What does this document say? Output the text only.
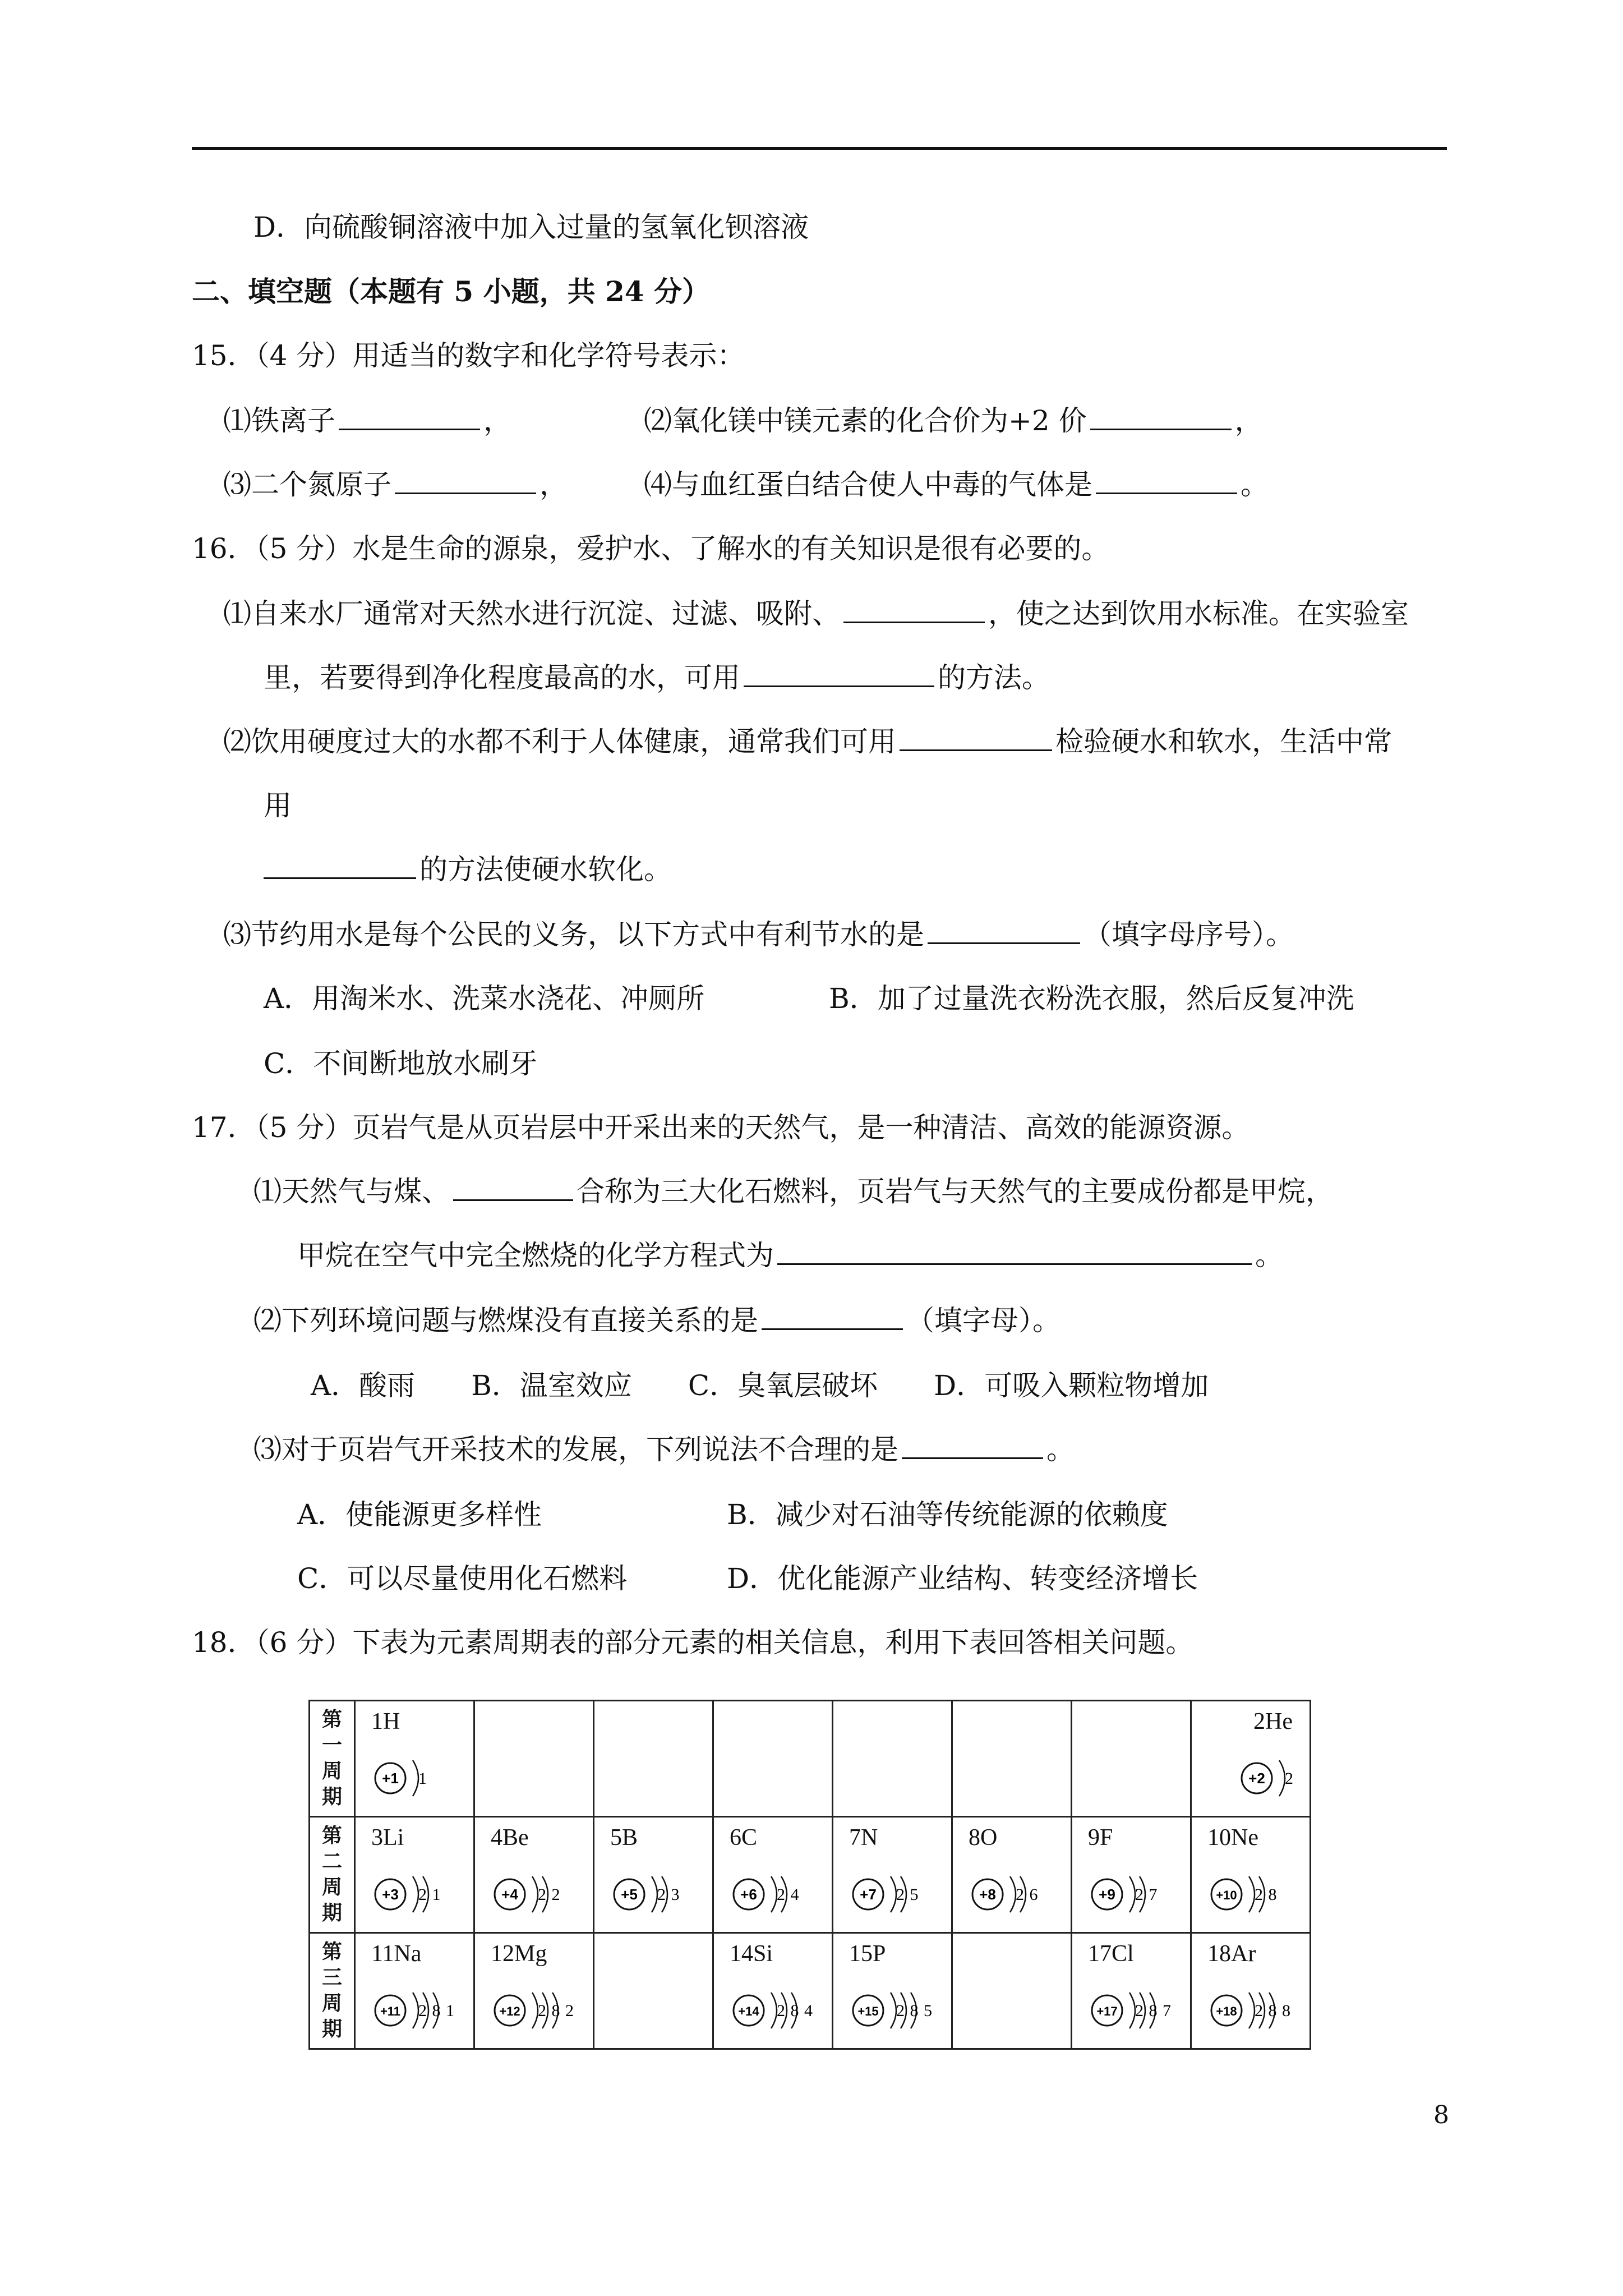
D．向硫酸铜溶液中加入过量的氢氧化钡溶液
二、填空题（本题有 5 小题，共 24 分）
15．（4 分）用适当的数字和化学符号表示：
⑴铁离子	，	⑵氧化镁中镁元素的化合价为+2 价	，
⑶二个氮原子	，	⑷与血红蛋白结合使人中毒的气体是	。
16．（5 分）水是生命的源泉，爱护水、了解水的有关知识是很有必要的。
⑴自来水厂通常对天然水进行沉淀、过滤、吸附、	，使之达到饮用水标准。在实验室
里，若要得到净化程度最高的水，可用	的方法。
⑵饮用硬度过大的水都不利于人体健康，通常我们可用	检验硬水和软水，生活中常
用
的方法使硬水软化。
⑶节约用水是每个公民的义务，以下方式中有利节水的是	（填字母序号）。
A．用淘米水、洗菜水浇花、冲厕所	B．加了过量洗衣粉洗衣服，然后反复冲洗
C．不间断地放水刷牙
17．（5 分）页岩气是从页岩层中开采出来的天然气，是一种清洁、高效的能源资源。
⑴天然气与煤、	合称为三大化石燃料，页岩气与天然气的主要成份都是甲烷，
甲烷在空气中完全燃烧的化学方程式为	。
⑵下列环境问题与燃煤没有直接关系的是	（填字母）。
A．酸雨　　B．温室效应　　C．臭氧层破坏　　D．可吸入颗粒物增加
⑶对于页岩气开采技术的发展，下列说法不合理的是	。
A．使能源更多样性	B．减少对石油等传统能源的依赖度
C．可以尽量使用化石燃料	D．优化能源产业结构、转变经济增长
18．（6 分）下表为元素周期表的部分元素的相关信息，利用下表回答相关问题。
第
一
周
期	1H
+1 1							2He
+2 2

第
二
周
期	3Li
+3 2 1	4Be
+4 2 2	5B
+5 2 3	6C
+6 2 4	7N
+7 2 5	8O
+8 2 6	9F
+9 2 7	10Ne
+10 2 8

第
三
周
期	11Na
+11 2 8 1	12Mg
+12 2 8 2		14Si
+14 2 8 4	15P
+15 2 8 5		17Cl
+17 2 8 7	18Ar
+18 2 8 8
8
